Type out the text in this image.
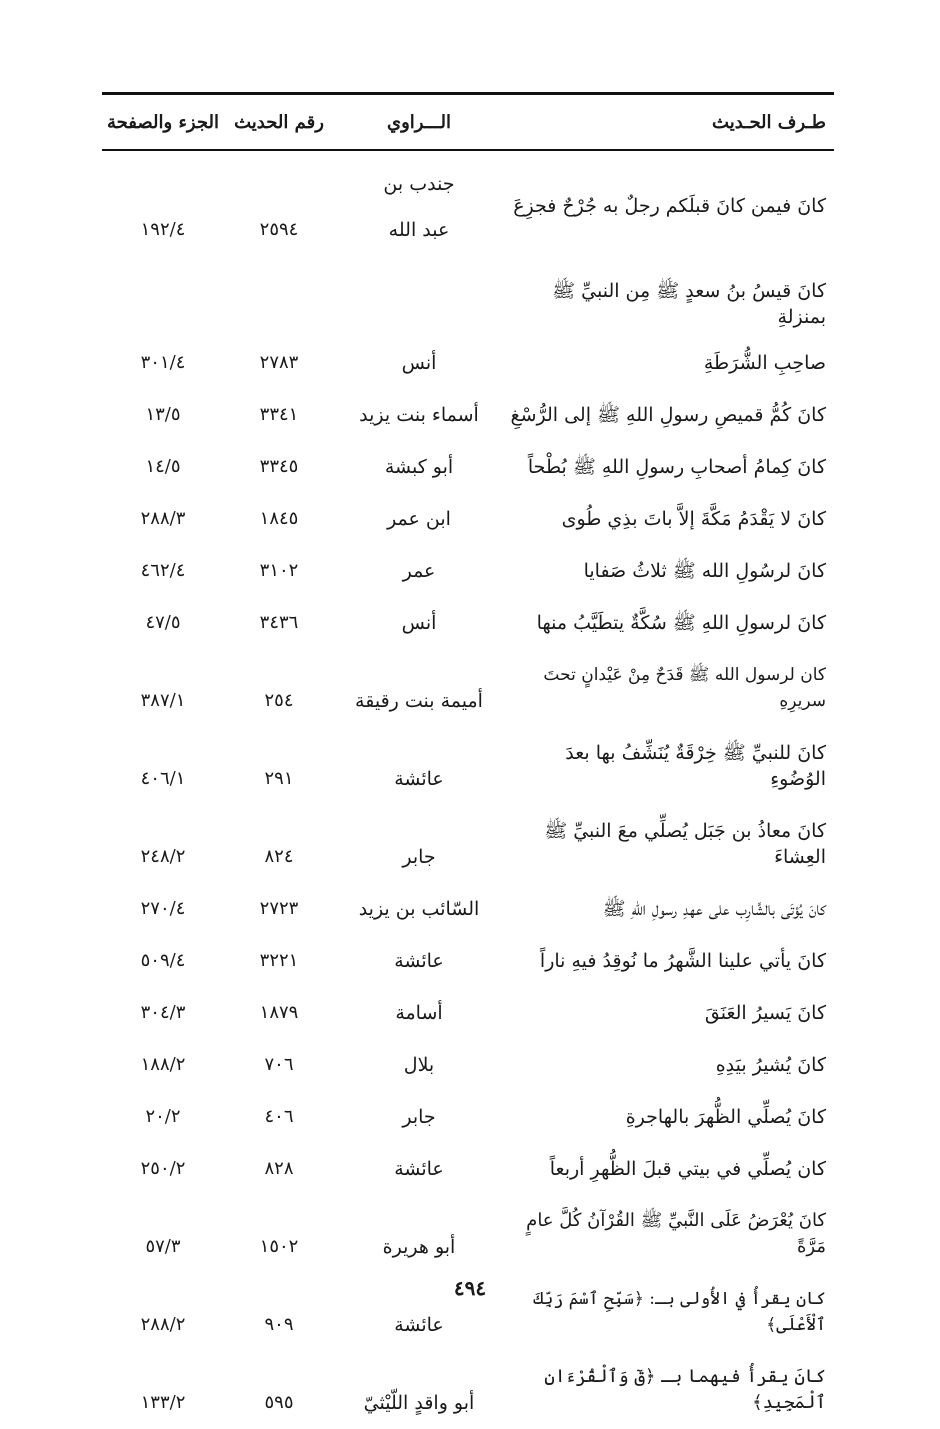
طـرف الحـديث
الـــراوي
رقم الحديث
الجزء والصفحة
كانَ فيمن كانَ قبلَكم رجلٌ به جُرْحٌ فجزِعَ
جندب بن
عبد الله
٢٥٩٤
١٩٢/٤
كانَ قيسُ بنُ سعدٍ ﷺ مِن النبيِّ ﷺ بمنزلةِ
صاحِبِ الشُّرَطَةِ
أنس
٢٧٨٣
٣٠١/٤
كانَ كُمُّ قميصِ رسولِ اللهِ ﷺ إلى الرُّسْغِ
أسماء بنت يزيد
٣٣٤١
١٣/٥
كانَ كِمامُ أصحابِ رسولِ اللهِ ﷺ بُطْحاً
أبو كبشة
٣٣٤٥
١٤/٥
كانَ لا يَقْدَمُ مَكَّةَ إلاَّ باتَ بذِي طُوى
ابن عمر
١٨٤٥
٢٨٨/٣
كانَ لرسُولِ الله ﷺ ثلاثُ صَفايا
عمر
٣١٠٢
٤٦٢/٤
كانَ لرسولِ اللهِ ﷺ سُكَّةٌ يتطَيَّبُ منها
أنس
٣٤٣٦
٤٧/٥
كان لرسول الله ﷺ قَدَحٌ مِنْ عَيْدانٍ تحتَ سريرِهِ
أميمة بنت رقيقة
٢٥٤
٣٨٧/١
كانَ للنبيِّ ﷺ خِرْقَةٌ يُنَشِّفُ بها بعدَ الوُضُوءِ
عائشة
٢٩١
٤٠٦/١
كانَ معاذُ بن جَبَل يُصلِّي معَ النبيِّ ﷺ العِشاءَ
جابر
٨٢٤
٢٤٨/٢
كانَ يُؤتَى بالشَّارِب على عهدِ رسولِ اللهِ ﷺ
السّائب بن يزيد
٢٧٢٣
٢٧٠/٤
كانَ يأتي علينا الشَّهرُ ما نُوقِدُ فيهِ ناراً
عائشة
٣٢٢١
٥٠٩/٤
كانَ يَسيرُ العَنَقَ
أسامة
١٨٧٩
٣٠٤/٣
كانَ يُشيرُ بيَدِهِ
بلال
٧٠٦
١٨٨/٢
كانَ يُصلِّي الظُّهرَ بالهاجرةِ
جابر
٤٠٦
٢٠/٢
كان يُصلِّي في بيتي قبلَ الظُّهرِ أربعاً
عائشة
٨٢٨
٢٥٠/٢
كانَ يُعْرَضُ عَلَى النَّبيِّ ﷺ القُرْآنُ كُلَّ عامٍ مَرَّةً
أبو هريرة
١٥٠٢
٥٧/٣
كان يقرأُ في الأُولى بـ: ﴿سَبِّحِ ٱسْمَ رَبِّكَ ٱلْأَعْلَى﴾
عائشة
٩٠٩
٢٨٨/٢
كانَ يقرأُ فيهما بـ ﴿قٓ وَٱلْقُرْءَانِ ٱلْمَجِيدِ﴾
أبو واقدٍ اللّيْثيّ
٥٩٥
١٣٣/٢
٤٩٤
